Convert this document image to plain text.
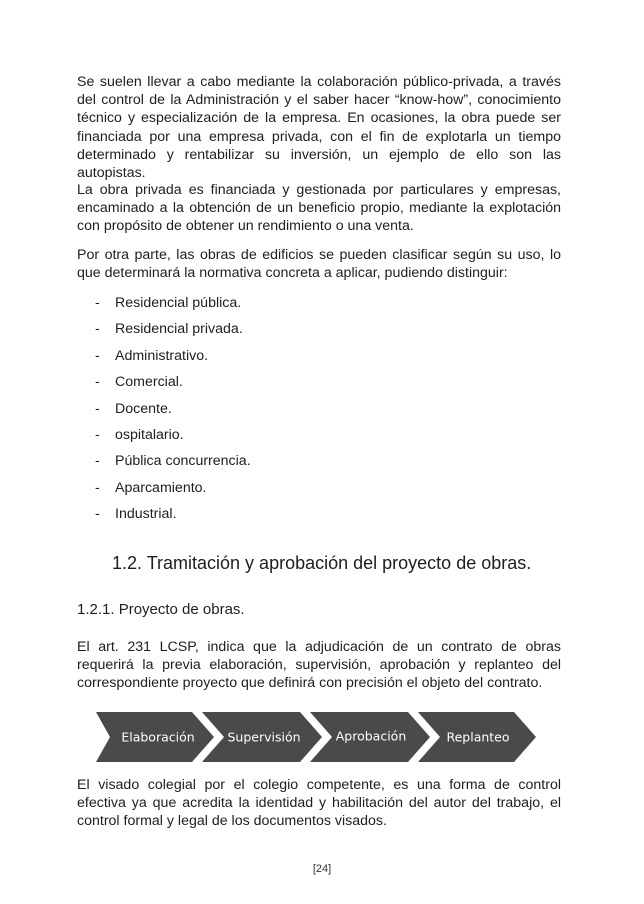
Se suelen llevar a cabo mediante la colaboración público-privada, a través del control de la Administración y el saber hacer “know-how”, conocimiento técnico y especialización de la empresa. En ocasiones, la obra puede ser financiada por una empresa privada, con el fin de explotarla un tiempo determinado y rentabilizar su inversión, un ejemplo de ello son las autopistas.

La obra privada es financiada y gestionada por particulares y empresas, encaminado a la obtención de un beneficio propio, mediante la explotación con propósito de obtener un rendimiento o una venta.

Por otra parte, las obras de edificios se pueden clasificar según su uso, lo que determinará la normativa concreta a aplicar, pudiendo distinguir:

- Residencial pública.
- Residencial privada.
- Administrativo.
- Comercial.
- Docente.
- ospitalario.
- Pública concurrencia.
- Aparcamiento.
- Industrial.
1.2. Tramitación y aprobación del proyecto de obras.
1.2.1. Proyecto de obras.

El art. 231 LCSP, indica que la adjudicación de un contrato de obras requerirá la previa elaboración, supervisión, aprobación y replanteo del correspondiente proyecto que definirá con precisión el objeto del contrato.

Elaboración	Supervisión	Aprobación	Replanteo

El visado colegial por el colegio competente, es una forma de control efectiva ya que acredita la identidad y habilitación del autor del trabajo, el control formal y legal de los documentos visados.

[24]
